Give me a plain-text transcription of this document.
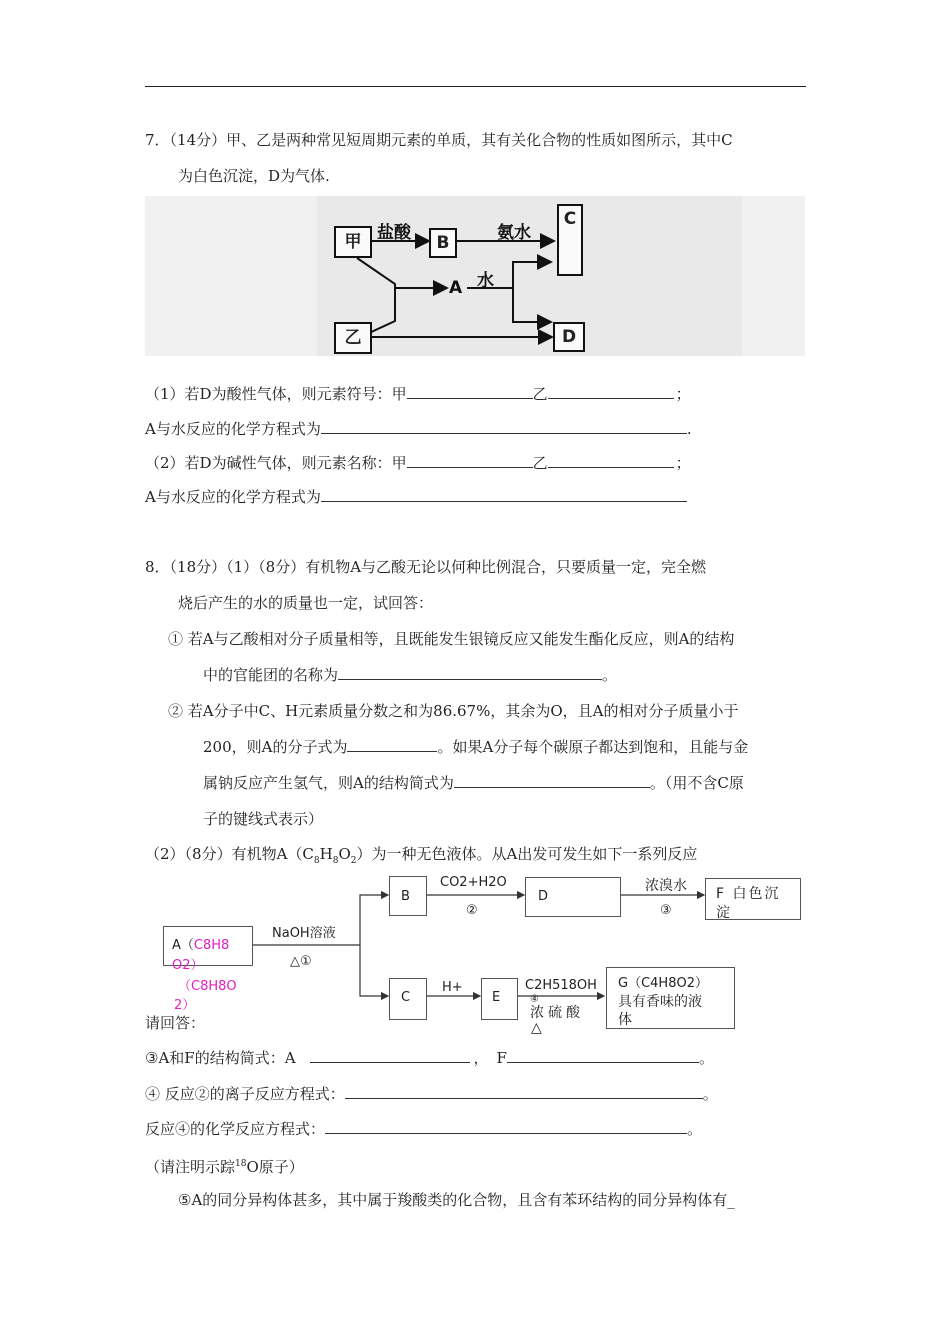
7．（14分）甲、乙是两种常见短周期元素的单质，其有关化合物的性质如图所示，其中C
为白色沉淀，D为气体.
甲 盐酸	B	氨水
C
A 水
乙	D
（1）若D为酸性气体，则元素符号：甲	乙	；
A与水反应的化学方程式为	.
（2）若D为碱性气体，则元素名称：甲	乙	；
A与水反应的化学方程式为
8．（18分）（1）（8分）有机物A与乙酸无论以何种比例混合，只要质量一定，完全燃
烧后产生的水的质量也一定，试回答：
① 若A与乙酸相对分子质量相等，且既能发生银镜反应又能发生酯化反应，则A的结构
中的官能团的名称为	。
② 若A分子中C、H元素质量分数之和为86.67%，其余为O，且A的相对分子质量小于
200，则A的分子式为	。如果A分子每个碳原子都达到饱和，且能与金
属钠反应产生氢气，则A的结构简式为	。（用不含C原
子的键线式表示）
（2）（8分）有机物$A(C_8H_8O_2)$为一种无色液体。从A出发可发生如下一系列反应
A（C8H8
O2）
（C8H8O
2）
NaOH溶液
△①
B
CO2+H2O
②
D
浓溴水
③
F 白色沉
淀
C
H+
E
C2H518OH
④
浓硫酸
△
G（C4H8O2）
具有香味的液
体
请回答：
③A和F的结构简式：A	， F	。
④ 反应②的离子反应方程式：	。
反应④的化学反应方程式：	。
（请注明示踪$^{18}$O原子）
⑤A的同分异构体甚多，其中属于羧酸类的化合物，且含有苯环结构的同分异构体有_
